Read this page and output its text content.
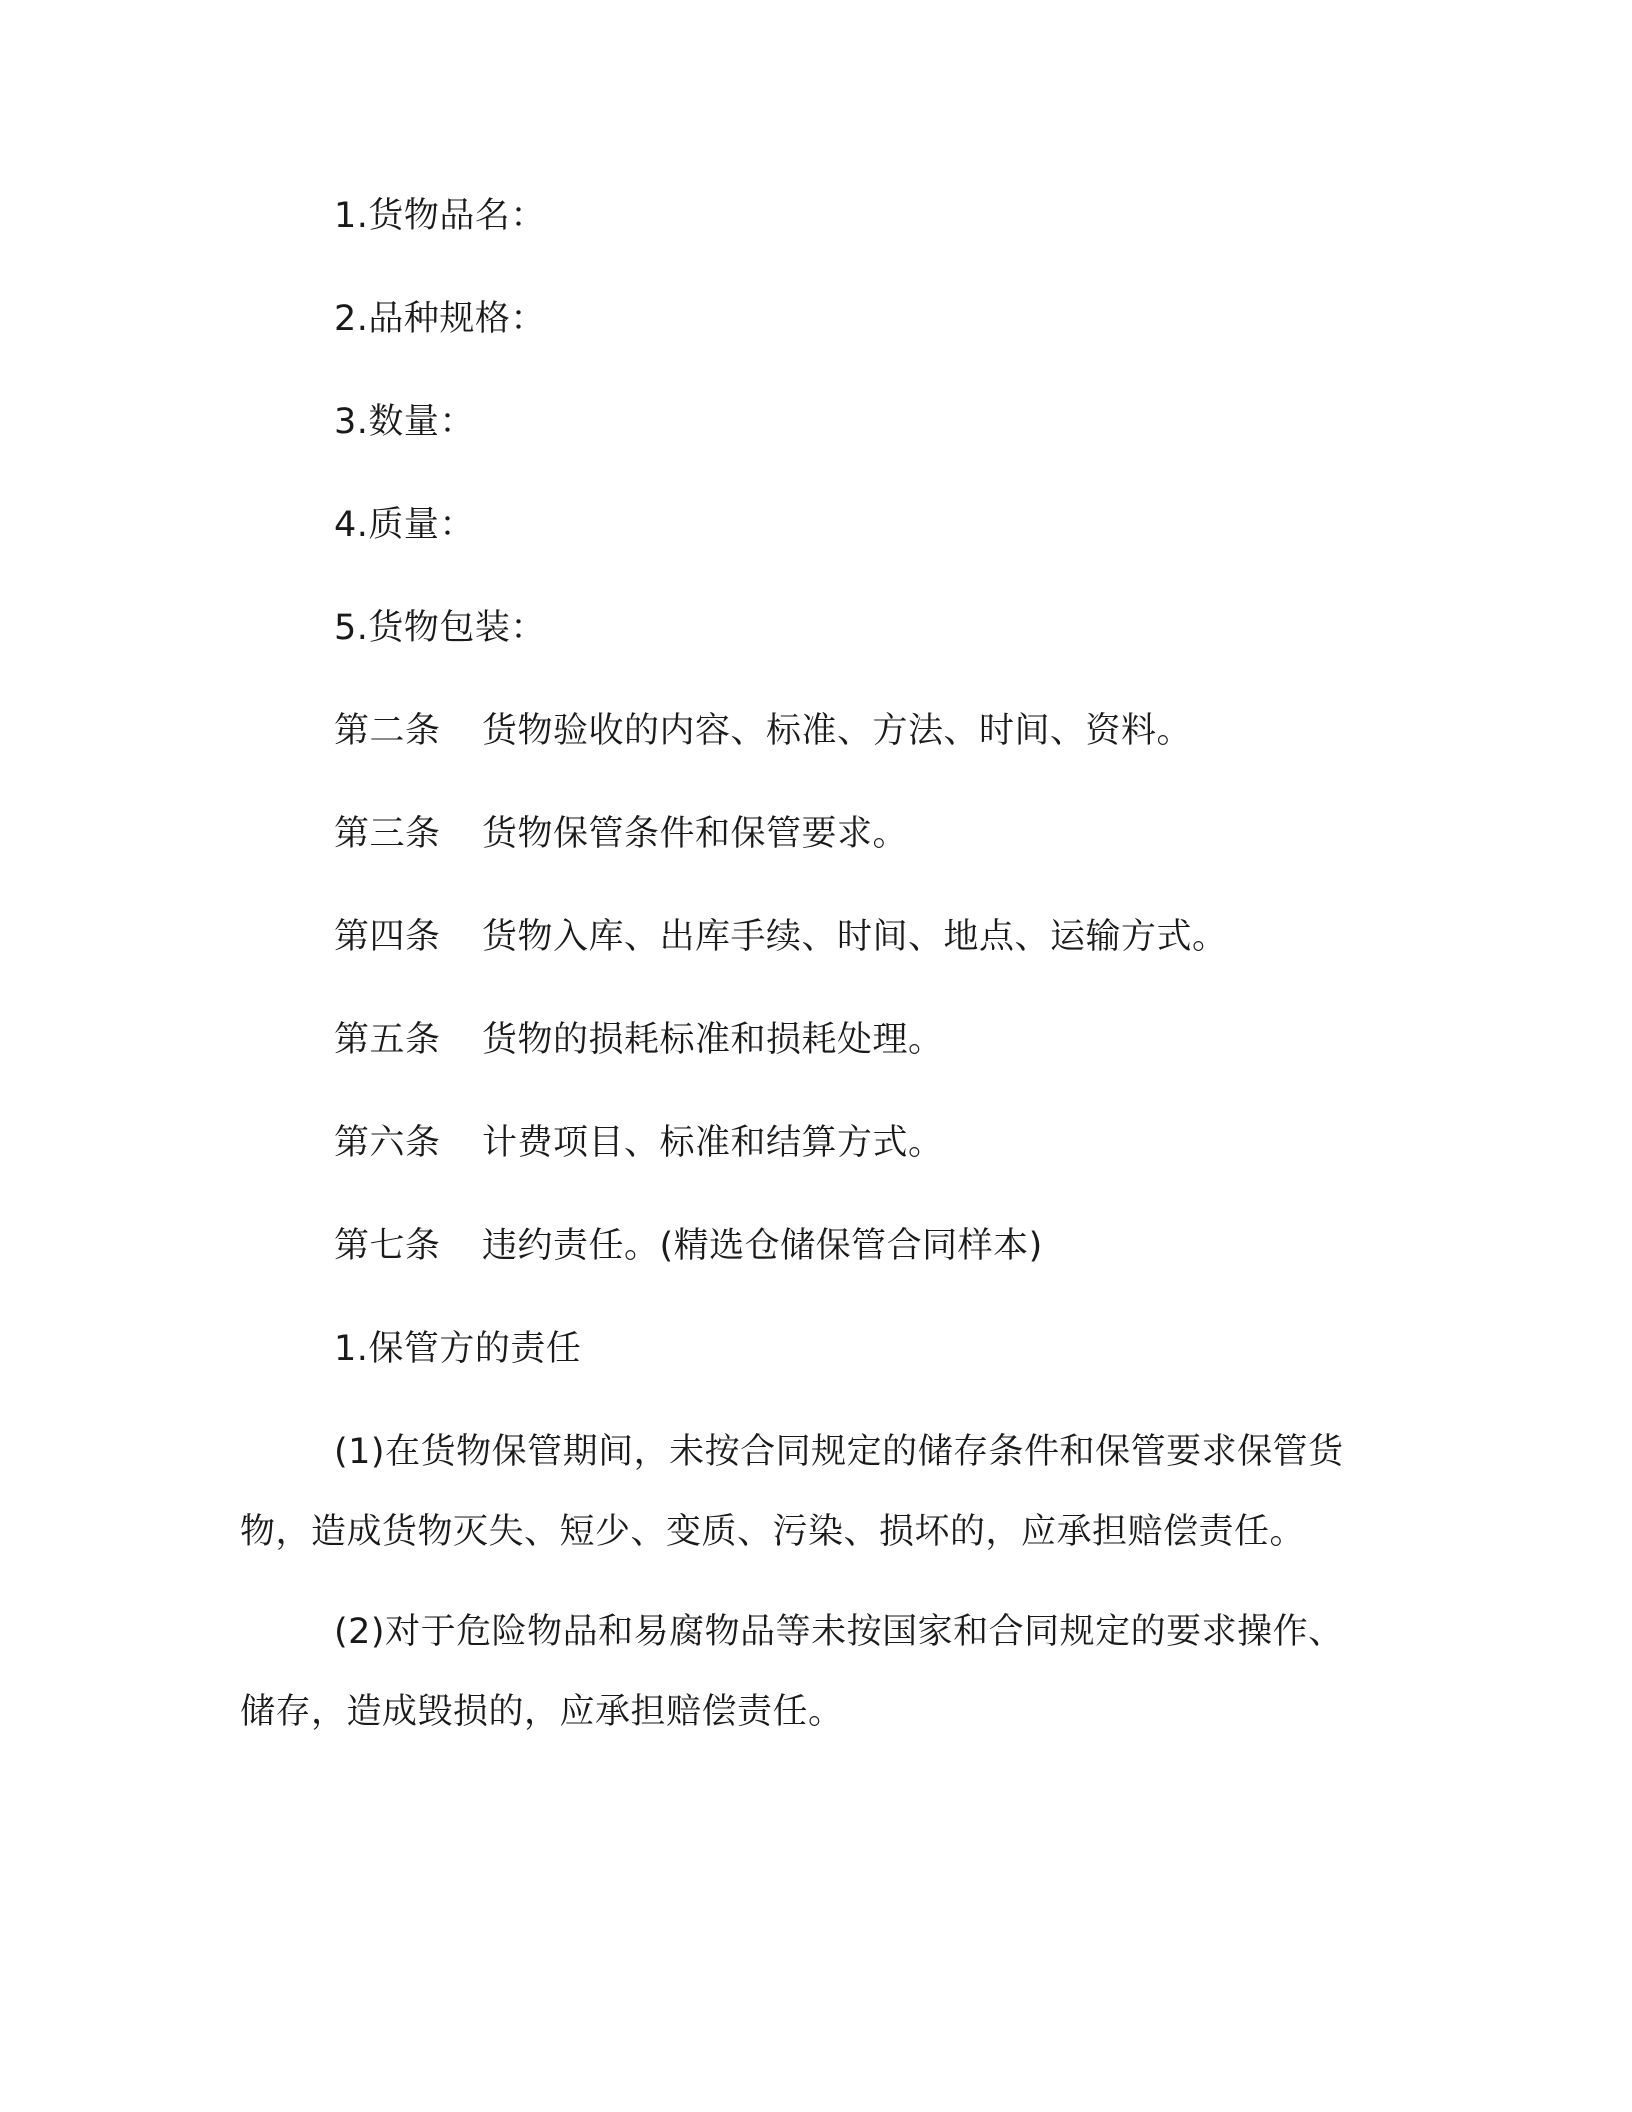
1.货物品名：
2.品种规格：
3.数量：
4.质量：
5.货物包装：
第二条 货物验收的内容、标准、方法、时间、资料。
第三条 货物保管条件和保管要求。
第四条 货物入库、出库手续、时间、地点、运输方式。
第五条 货物的损耗标准和损耗处理。
第六条 计费项目、标准和结算方式。
第七条 违约责任。(精选仓储保管合同样本)
1.保管方的责任
(1)在货物保管期间，未按合同规定的储存条件和保管要求保管货
物，造成货物灭失、短少、变质、污染、损坏的，应承担赔偿责任。
(2)对于危险物品和易腐物品等未按国家和合同规定的要求操作、
储存，造成毁损的，应承担赔偿责任。
